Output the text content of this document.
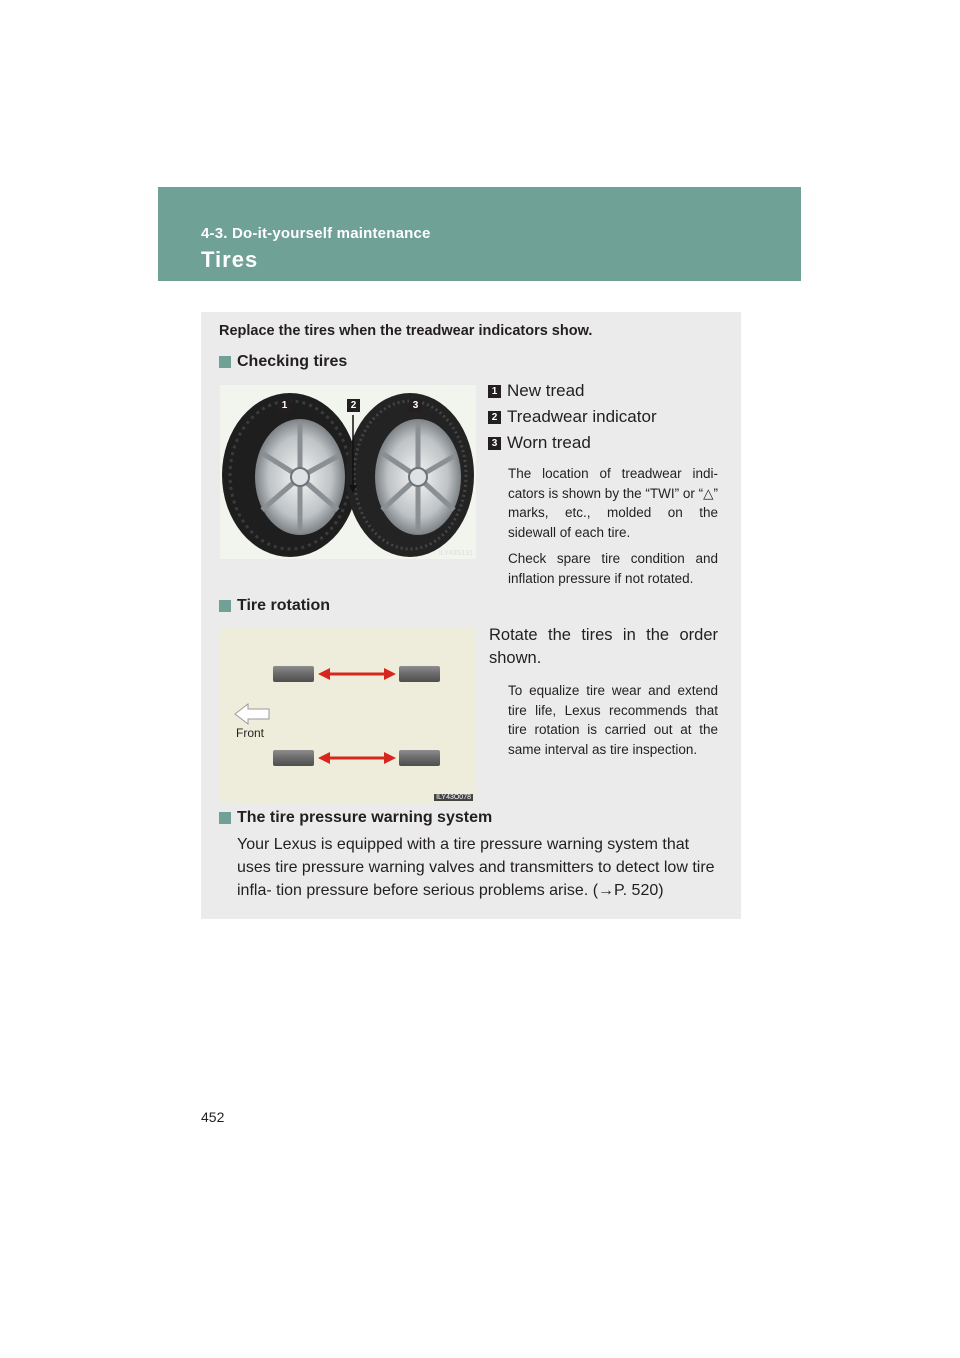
4-3. Do-it-yourself maintenance
Tires
Replace the tires when the treadwear indicators show.
Checking tires
1	2	3
ILY43S131
1 New tread
2 Treadwear indicator
3 Worn tread
The location of treadwear indi- cators is shown by the “TWI” or “△” marks, etc., molded on the sidewall of each tire.
Check spare tire condition and inflation pressure if not rotated.
Tire rotation
Front
ILY43O078
Rotate the tires in the order shown.
To equalize tire wear and extend tire life, Lexus recommends that tire rotation is carried out at the same interval as tire inspection.
The tire pressure warning system
Your Lexus is equipped with a tire pressure warning system that uses tire pressure warning valves and transmitters to detect low tire infla- tion pressure before serious problems arise. (→P. 520)
452
